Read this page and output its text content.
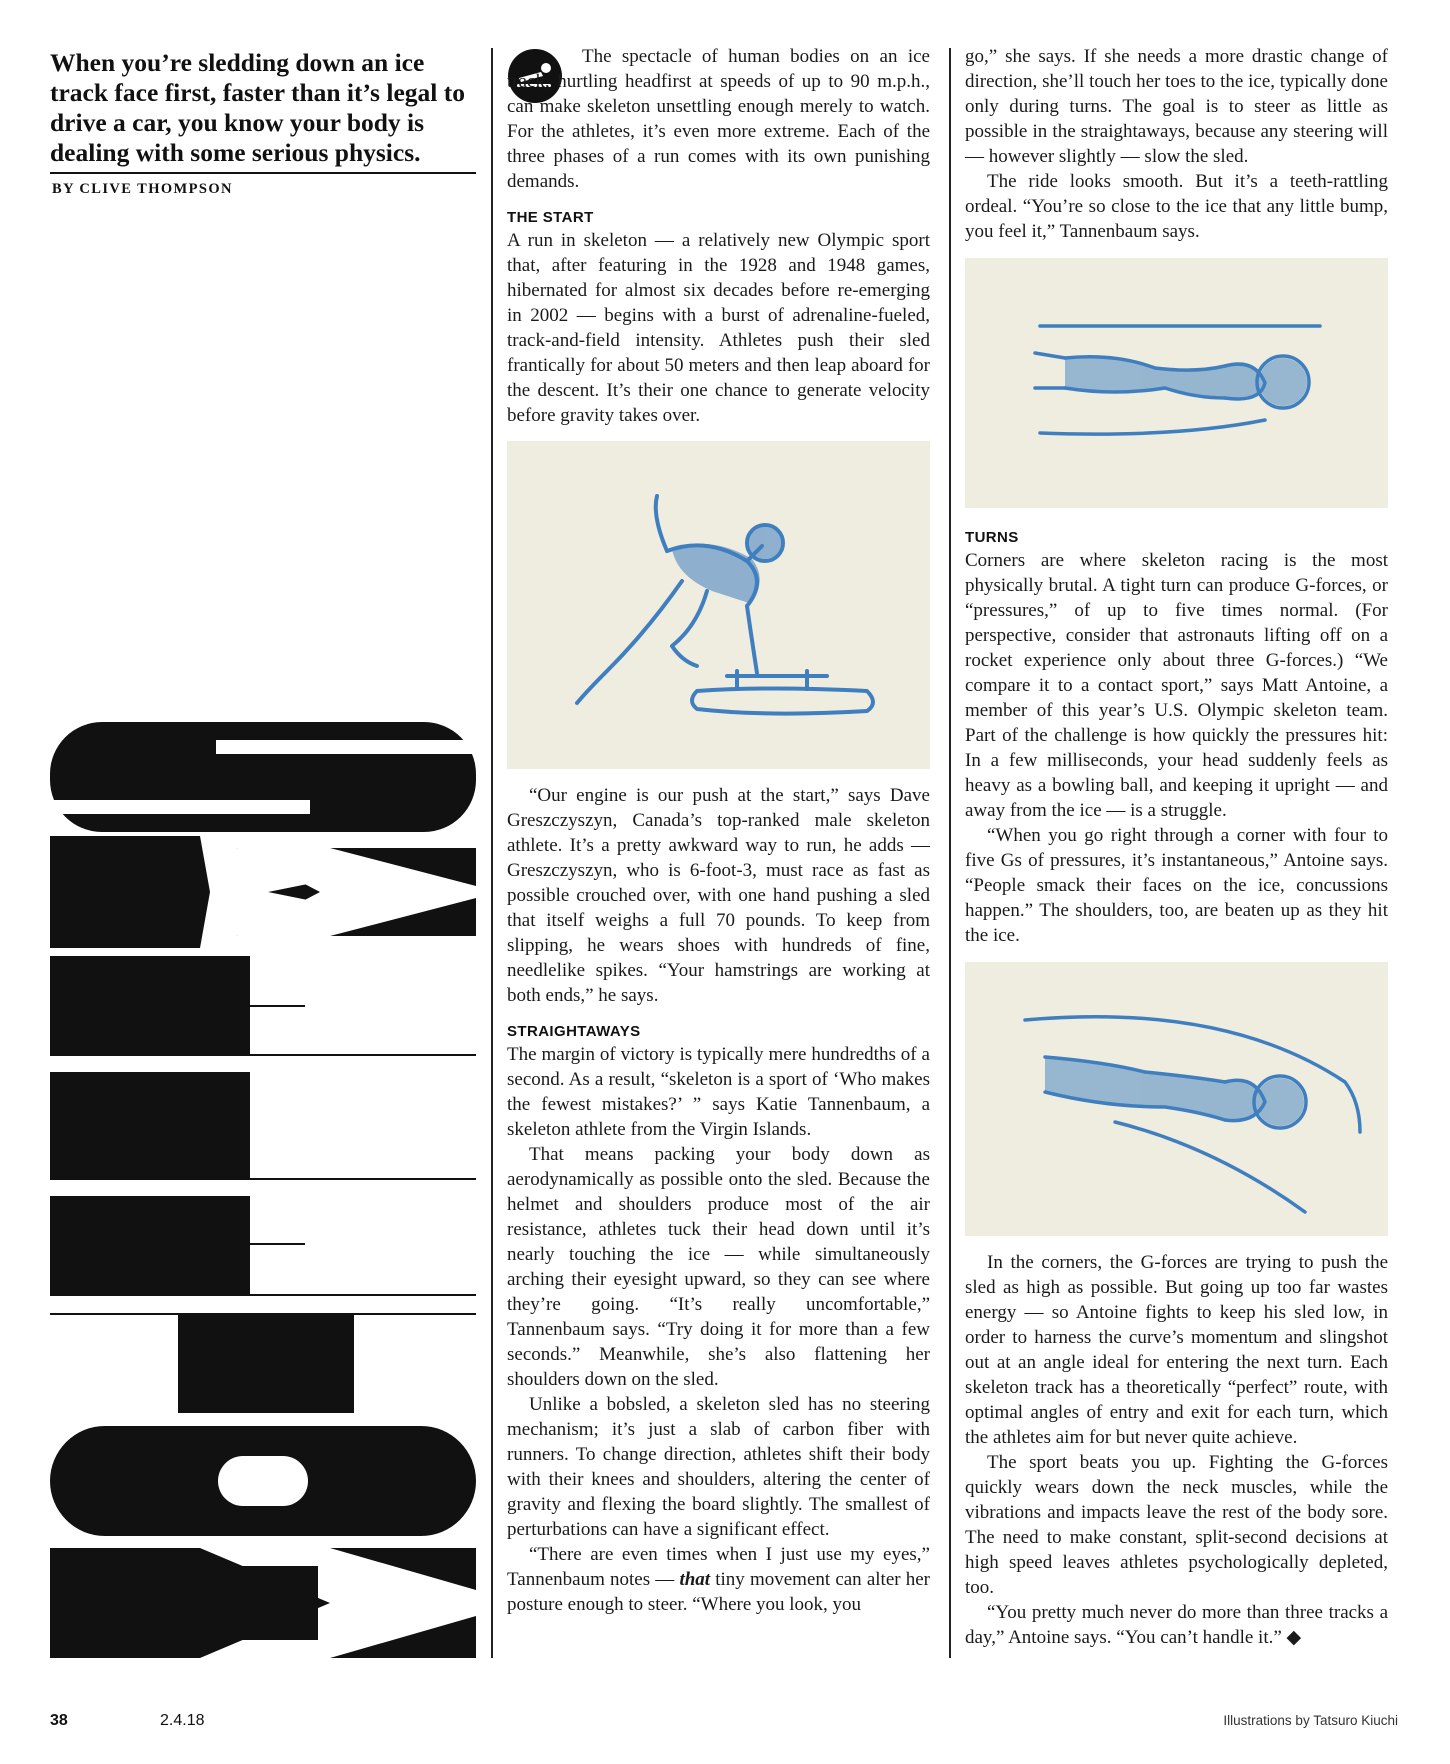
When you’re sledding down an ice track face first, faster than it’s legal to drive a car, you know your body is dealing with some serious physics.

BY CLIVE THOMPSON

The spectacle of human bodies on an ice track, hurtling headfirst at speeds of up to 90 m.p.h., can make skeleton unsettling enough merely to watch. For the athletes, it’s even more extreme. Each of the three phases of a run comes with its own punishing demands.

THE START

A run in skeleton — a relatively new Olympic sport that, after featuring in the 1928 and 1948 games, hibernated for almost six decades before re-emerging in 2002 — begins with a burst of adrenaline-fueled, track-and-field intensity. Athletes push their sled frantically for about 50 meters and then leap aboard for the descent. It’s their one chance to generate velocity before gravity takes over.

“Our engine is our push at the start,” says Dave Greszczyszyn, Canada’s top-ranked male skeleton athlete. It’s a pretty awkward way to run, he adds — Greszczyszyn, who is 6-foot-3, must race as fast as possible crouched over, with one hand pushing a sled that itself weighs a full 70 pounds. To keep from slipping, he wears shoes with hundreds of fine, needlelike spikes. “Your hamstrings are working at both ends,” he says.

STRAIGHTAWAYS

The margin of victory is typically mere hundredths of a second. As a result, “skeleton is a sport of ‘Who makes the fewest mistakes?’ ” says Katie Tannenbaum, a skeleton athlete from the Virgin Islands.

That means packing your body down as aerodynamically as possible onto the sled. Because the helmet and shoulders produce most of the air resistance, athletes tuck their head down until it’s nearly touching the ice — while simultaneously arching their eyesight upward, so they can see where they’re going. “It’s really uncomfortable,” Tannenbaum says. “Try doing it for more than a few seconds.” Meanwhile, she’s also flattening her shoulders down on the sled.

Unlike a bobsled, a skeleton sled has no steering mechanism; it’s just a slab of carbon fiber with runners. To change direction, athletes shift their body with their knees and shoulders, altering the center of gravity and flexing the board slightly. The smallest of perturbations can have a significant effect.

“There are even times when I just use my eyes,” Tannenbaum notes — that tiny movement can alter her posture enough to steer. “Where you look, you

go,” she says. If she needs a more drastic change of direction, she’ll touch her toes to the ice, typically done only during turns. The goal is to steer as little as possible in the straightaways, because any steering will — however slightly — slow the sled.

The ride looks smooth. But it’s a teeth-rattling ordeal. “You’re so close to the ice that any little bump, you feel it,” Tannenbaum says.

TURNS

Corners are where skeleton racing is the most physically brutal. A tight turn can produce G-forces, or “pressures,” of up to five times normal. (For perspective, consider that astronauts lifting off on a rocket experience only about three G-forces.) “We compare it to a contact sport,” says Matt Antoine, a member of this year’s U.S. Olympic skeleton team. Part of the challenge is how quickly the pressures hit: In a few milliseconds, your head suddenly feels as heavy as a bowling ball, and keeping it upright — and away from the ice — is a struggle.

“When you go right through a corner with four to five Gs of pressures, it’s instantaneous,” Antoine says. “People smack their faces on the ice, concussions happen.” The shoulders, too, are beaten up as they hit the ice.

In the corners, the G-forces are trying to push the sled as high as possible. But going up too far wastes energy — so Antoine fights to keep his sled low, in order to harness the curve’s momentum and slingshot out at an angle ideal for entering the next turn. Each skeleton track has a theoretically “perfect” route, with optimal angles of entry and exit for each turn, which the athletes aim for but never quite achieve.

The sport beats you up. Fighting the G-forces quickly wears down the neck muscles, while the vibrations and impacts leave the rest of the body sore. The need to make constant, split-second decisions at high speed leaves athletes psychologically depleted, too.

“You pretty much never do more than three tracks a day,” Antoine says. “You can’t handle it.” ◆

38	2.4.18	Illustrations by Tatsuro Kiuchi
